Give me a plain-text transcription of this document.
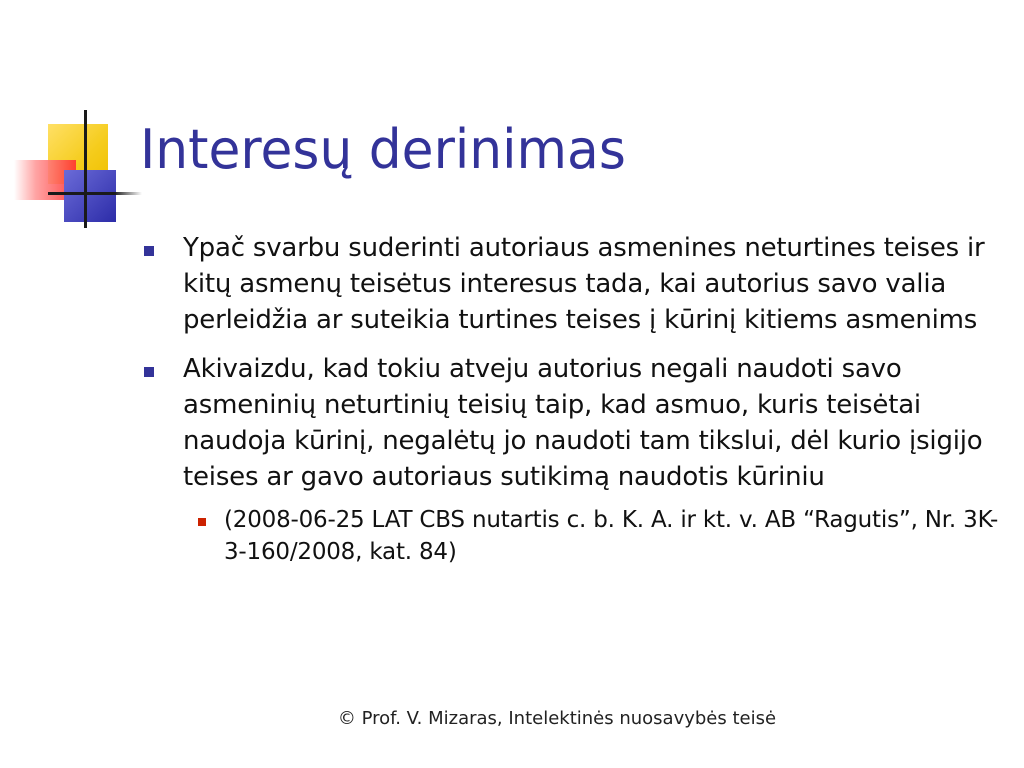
Interesų derinimas
Ypač svarbu suderinti autoriaus asmenines neturtines teises ir kitų asmenų teisėtus interesus tada, kai autorius savo valia perleidžia ar suteikia turtines teises į kūrinį kitiems asmenims
Akivaizdu, kad tokiu atveju autorius negali naudoti savo asmeninių neturtinių teisių taip, kad asmuo, kuris teisėtai naudoja kūrinį, negalėtų jo naudoti tam tikslui, dėl kurio įsigijo teises ar gavo autoriaus sutikimą naudotis kūriniu
(2008-06-25 LAT CBS nutartis c. b. K. A. ir kt. v. AB “Ragutis”, Nr. 3K-3-160/2008, kat. 84)
© Prof. V. Mizaras, Intelektinės nuosavybės teisė
